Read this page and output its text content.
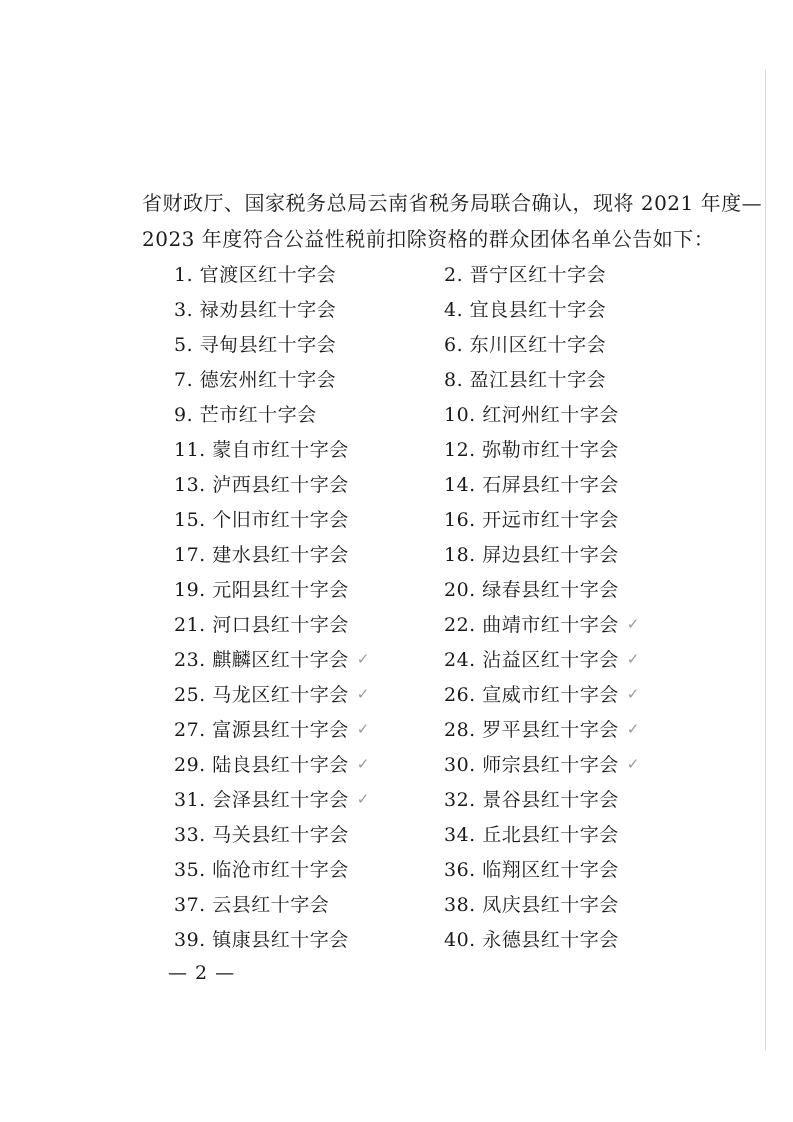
省财政厅、国家税务总局云南省税务局联合确认，现将 2021 年度—

2023 年度符合公益性税前扣除资格的群众团体名单公告如下：

1. 官渡区红十字会	2. 晋宁区红十字会
3. 禄劝县红十字会	4. 宜良县红十字会
5. 寻甸县红十字会	6. 东川区红十字会
7. 德宏州红十字会	8. 盈江县红十字会
9. 芒市红十字会	10. 红河州红十字会
11. 蒙自市红十字会	12. 弥勒市红十字会
13. 泸西县红十字会	14. 石屏县红十字会
15. 个旧市红十字会	16. 开远市红十字会
17. 建水县红十字会	18. 屏边县红十字会
19. 元阳县红十字会	20. 绿春县红十字会
21. 河口县红十字会	22. 曲靖市红十字会 ✓
23. 麒麟区红十字会 ✓	24. 沾益区红十字会 ✓
25. 马龙区红十字会 ✓	26. 宣威市红十字会 ✓
27. 富源县红十字会 ✓	28. 罗平县红十字会 ✓
29. 陆良县红十字会 ✓	30. 师宗县红十字会 ✓
31. 会泽县红十字会 ✓	32. 景谷县红十字会
33. 马关县红十字会	34. 丘北县红十字会
35. 临沧市红十字会	36. 临翔区红十字会
37. 云县红十字会	38. 凤庆县红十字会
39. 镇康县红十字会	40. 永德县红十字会
— 2 —
